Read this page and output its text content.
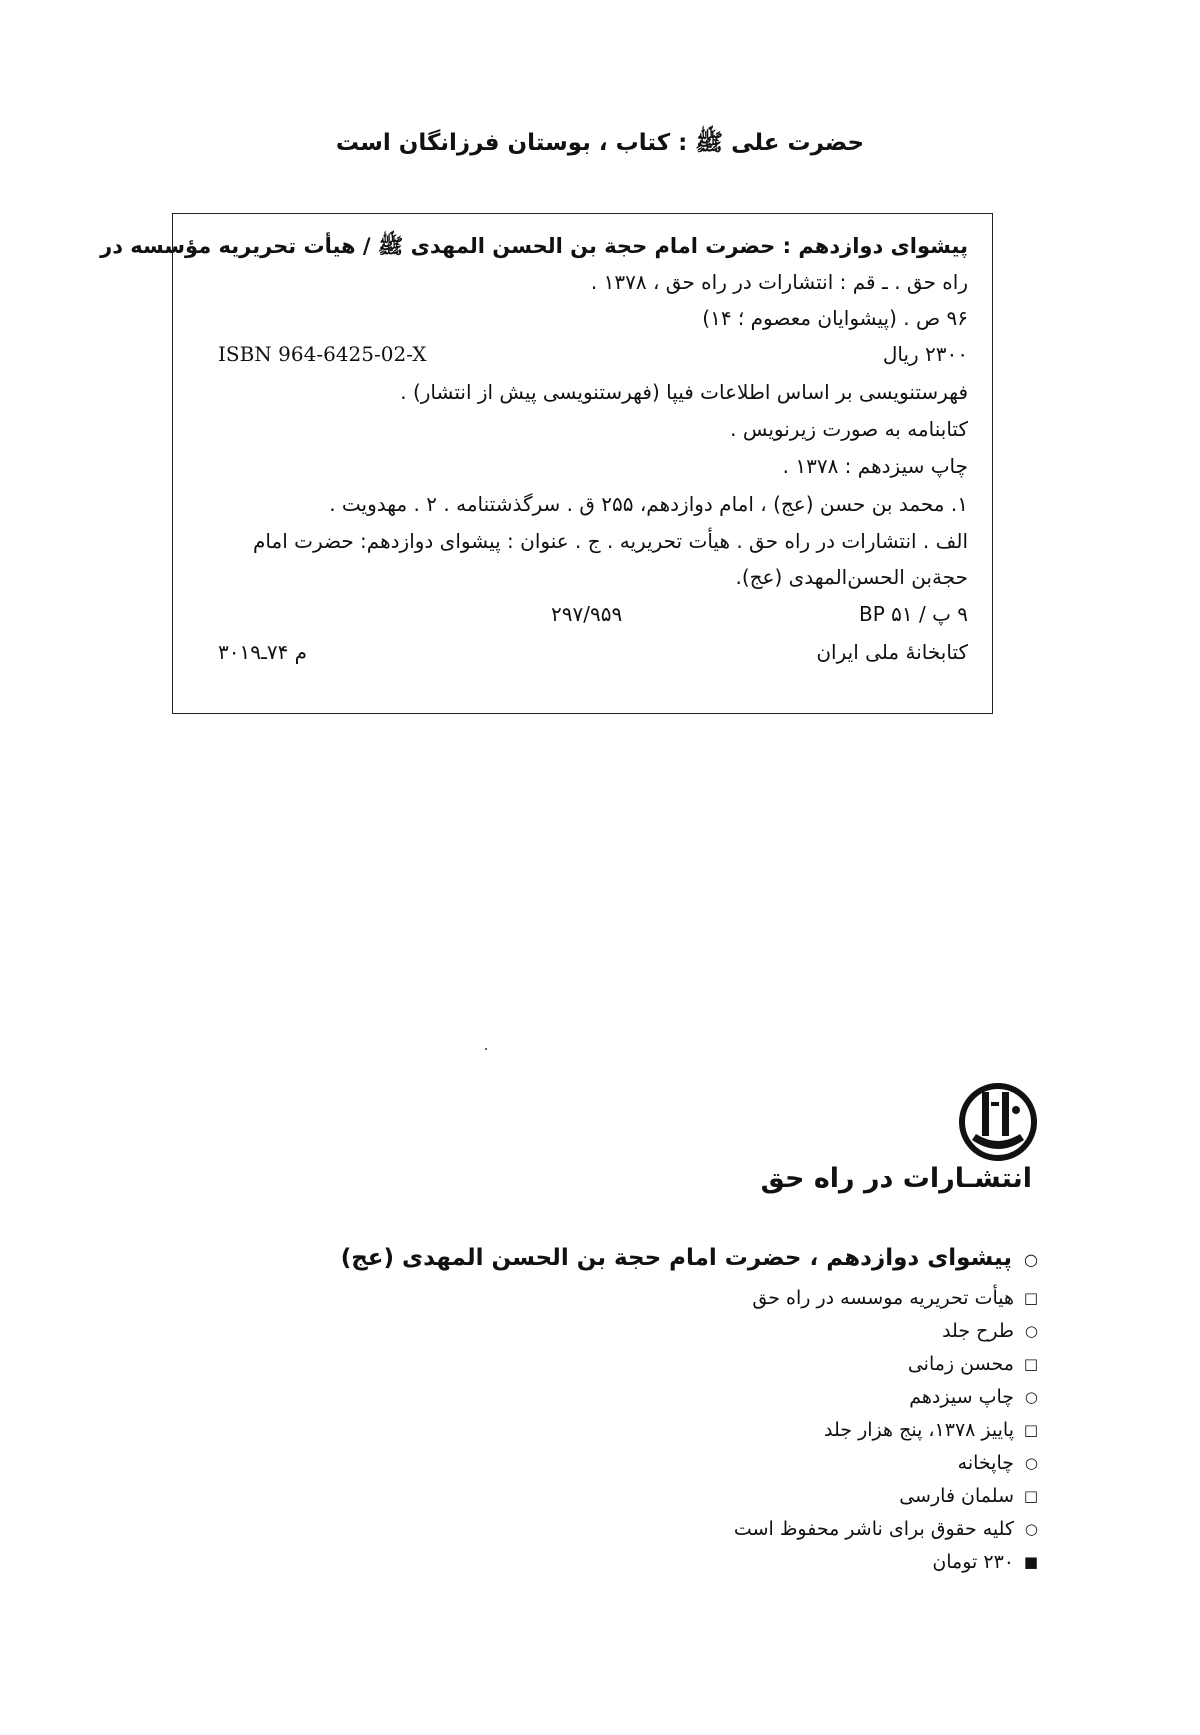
حضرت علی ﷺ : کتاب ، بوستان فرزانگان است
پیشوای دوازدهم : حضرت امام حجة بن الحسن المهدی ﷺ / هیأت تحریریه مؤسسه در
راه حق . ـ قم : انتشارات در راه حق ، ۱۳۷۸ .
۹۶ ص . (پیشوایان معصوم ؛ ۱۴)
۲۳۰۰ ریال
ISBN 964-6425-02-X
فهرستنویسی بر اساس اطلاعات فیپا (فهرستنویسی پیش از انتشار) .
کتابنامه به صورت زیرنویس .
چاپ سیزدهم : ۱۳۷۸ .
۱. محمد بن حسن (عج) ، امام دوازدهم، ۲۵۵ ق . سرگذشتنامه . ۲ . مهدویت .
الف . انتشارات در راه حق . هیأت تحریریه . ج . عنوان : پیشوای دوازدهم: حضرت امام
حجةبن الحسن‌المهدی (عج).
۹ پ / BP ۵۱
۲۹۷/۹۵۹
کتابخانهٔ ملی ایران
م ۷۴ـ۳۰۱۹
انتشـارات در راه حق
○پیشوای دوازدهم ، حضرت امام حجة بن الحسن المهدی (عج)
□
هیأت تحریریه موسسه در راه حق
○
طرح جلد
□
محسن زمانی
○
چاپ سیزدهم
□
پاییز ۱۳۷۸، پنج هزار جلد
○
چاپخانه
□
سلمان فارسی
○
کلیه حقوق برای ناشر محفوظ است
■
۲۳۰ تومان
